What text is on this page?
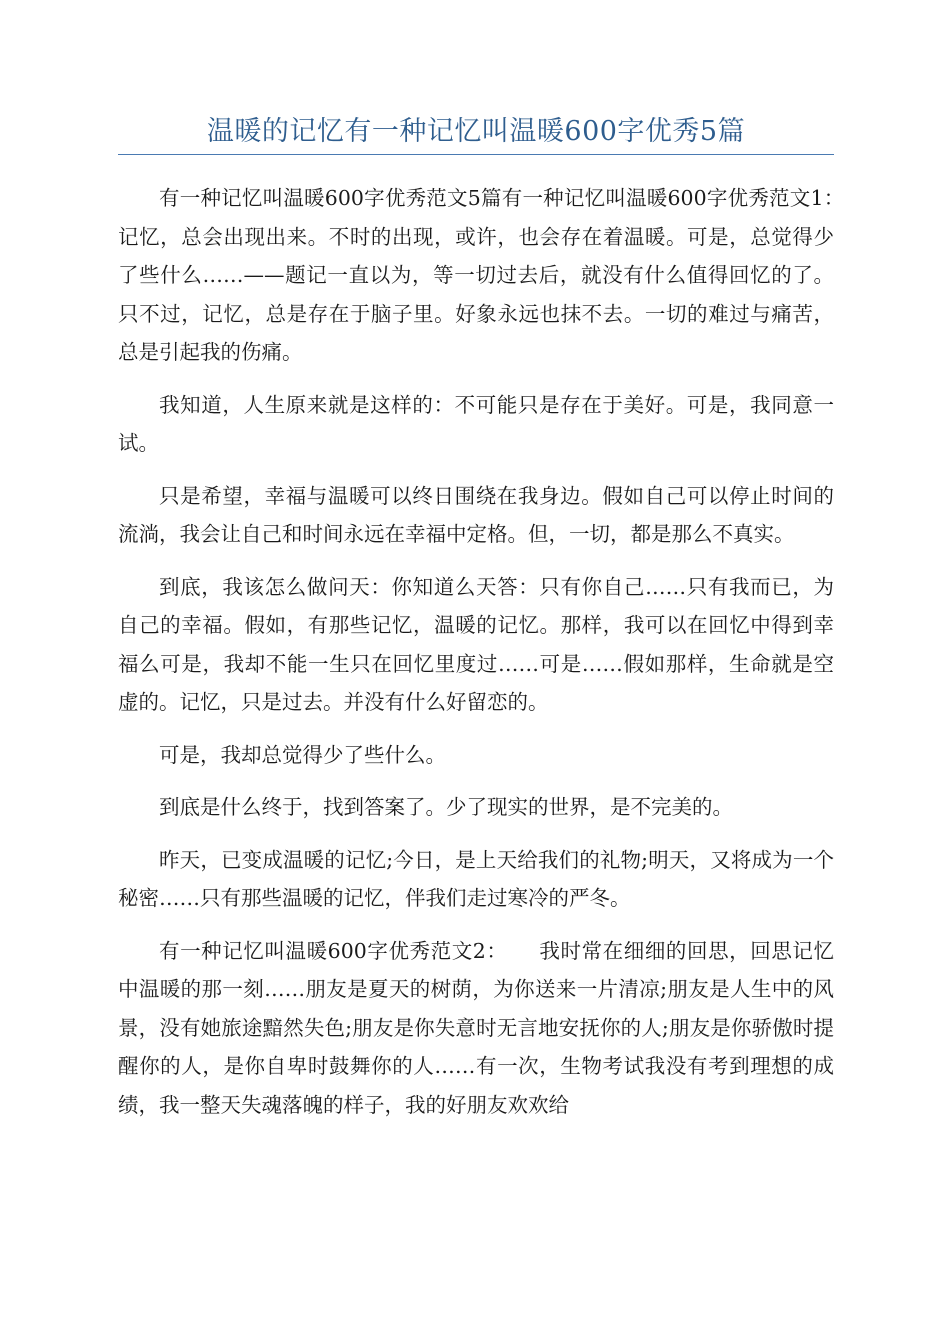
温暖的记忆有一种记忆叫温暖600字优秀5篇

有一种记忆叫温暖600字优秀范文5篇有一种记忆叫温暖600字优秀范文1：　　记忆，总会出现出来。不时的出现，或许，也会存在着温暖。可是，总觉得少了些什么……——题记一直以为，等一切过去后，就没有什么值得回忆的了。只不过，记忆，总是存在于脑子里。好象永远也抹不去。一切的难过与痛苦，总是引起我的伤痛。

我知道，人生原来就是这样的：不可能只是存在于美好。可是，我同意一试。

只是希望，幸福与温暖可以终日围绕在我身边。假如自己可以停止时间的流淌，我会让自己和时间永远在幸福中定格。但，一切，都是那么不真实。

到底，我该怎么做问天：你知道么天答：只有你自己……只有我而已，为自己的幸福。假如，有那些记忆，温暖的记忆。那样，我可以在回忆中得到幸福么可是，我却不能一生只在回忆里度过……可是……假如那样，生命就是空虚的。记忆，只是过去。并没有什么好留恋的。

可是，我却总觉得少了些什么。

到底是什么终于，找到答案了。少了现实的世界，是不完美的。

昨天，已变成温暖的记忆;今日，是上天给我们的礼物;明天，又将成为一个秘密……只有那些温暖的记忆，伴我们走过寒冷的严冬。

有一种记忆叫温暖600字优秀范文2：　　我时常在细细的回思，回思记忆中温暖的那一刻……朋友是夏天的树荫，为你送来一片清凉;朋友是人生中的风景，没有她旅途黯然失色;朋友是你失意时无言地安抚你的人;朋友是你骄傲时提醒你的人，是你自卑时鼓舞你的人……有一次，生物考试我没有考到理想的成绩，我一整天失魂落魄的样子，我的好朋友欢欢给
